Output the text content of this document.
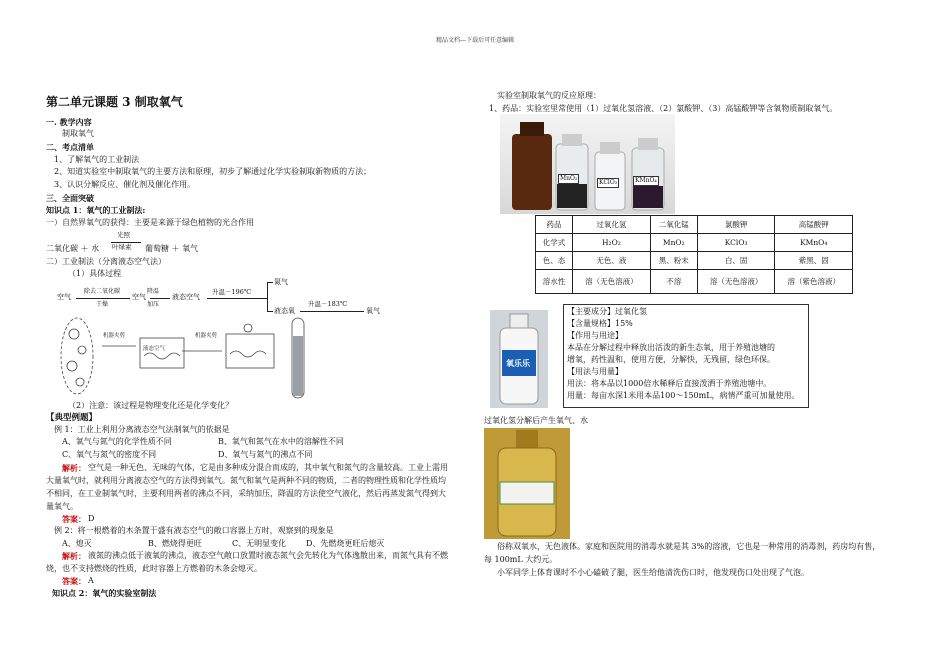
精品文档---下载后可任意编辑
第二单元课题 3 制取氧气
一. 教学内容
制取氧气
二、考点清单
1、了解氧气的工业制法
2、知道实验室中制取氧气的主要方法和原理，初步了解通过化学实验制取新物质的方法；
3、认识分解反应、催化剂及催化作用。
三、全面突破
知识点 1：氧气的工业制法:
一）自然界氧气的获得：主要是来源于绿色植物的光合作用
二氧化碳 ＋ 水
光照
叶绿素 葡萄糖 ＋ 氧气
二）工业制法（分离液态空气法）
（1）具体过程
空气
除去二氧化碳
干燥
空气
降温
加压
液态空气
升温－196℃
氮气
液态氧
升温－183℃
氧气
机器夹剪
液态空气
机器夹剪
（2）注意：该过程是物理变化还是化学变化？
【典型例题】
例 1：工业上利用分离液态空气法制氧气的依据是
A、氧气与氮气的化学性质不同	B、氧气和氮气在水中的溶解性不同
C、氧气与氮气的密度不同	D、氧气与氮气的沸点不同
解析： 空气是一种无色、无味的气体，它是由多种成分混合而成的，其中氧气和氮气的含量较高。工业上需用
大量氧气时，就利用分离液态空气的方法得到氧气。氮气和氧气是两种不同的物质，二者的物理性质和化学性质均
不相同，在工业制氧气时，主要利用两者的沸点不同，采纳加压，降温的方法使空气液化，然后再蒸发氮气得到大
量氧气。
答案： D
例 2：将一根燃着的木条置于盛有液态空气的敞口容器上方时，观察到的现象是
A、熄灭	B、燃烧得更旺	C、无明显变化 D、先燃烧更旺后熄灭
解析： 液氮的沸点低于液氧的沸点，液态空气敞口放置时液态氮气会先转化为气体逸散出来，而氮气具有不燃
烧，也不支持燃烧的性质，此时容器上方燃着的木条会熄灭。
答案： A
知识点 2：氧气的实验室制法
实验室制取氧气的反应原理：
1、药品：实验室里常使用（1）过氧化氢溶液、（2）氯酸钾、（3）高锰酸钾等含氧物质制取氧气。
MnO₂
KClO₃	KMnO₄
药品	过氧化氢	二氧化锰	氯酸钾	高锰酸钾
化学式	H₂O₂	MnO₂	KClO₃	KMnO₄
色、态	无色、液	黑、粉末	白、固	紫黑、固
溶水性	溶（无色溶液）	不溶	溶（无色溶液）	溶（紫色溶液）
氧乐乐
【主要成分】过氧化氢
【含量规格】15%
【作用与用途】
本品在分解过程中释放出活泼的新生态氧，用于养殖池塘的
增氧，药性温和，使用方便，分解快，无残留，绿色环保。
【用法与用量】
用法：将本品以1000倍水稀释后直接泼洒于养殖池塘中。
用量：每亩水深1米用本品100～150mL，病情严重可加量使用。
过氧化氢分解后产生氧气、水
俗称双氧水，无色液体。家庭和医院用的消毒水就是其 3%的溶液，它也是一种常用的消毒剂，药房均有售，
每 100mL 大约元。
小军同学上体育课时不小心磕破了腿，医生给他清洗伤口时，他发现伤口处出现了气泡。
